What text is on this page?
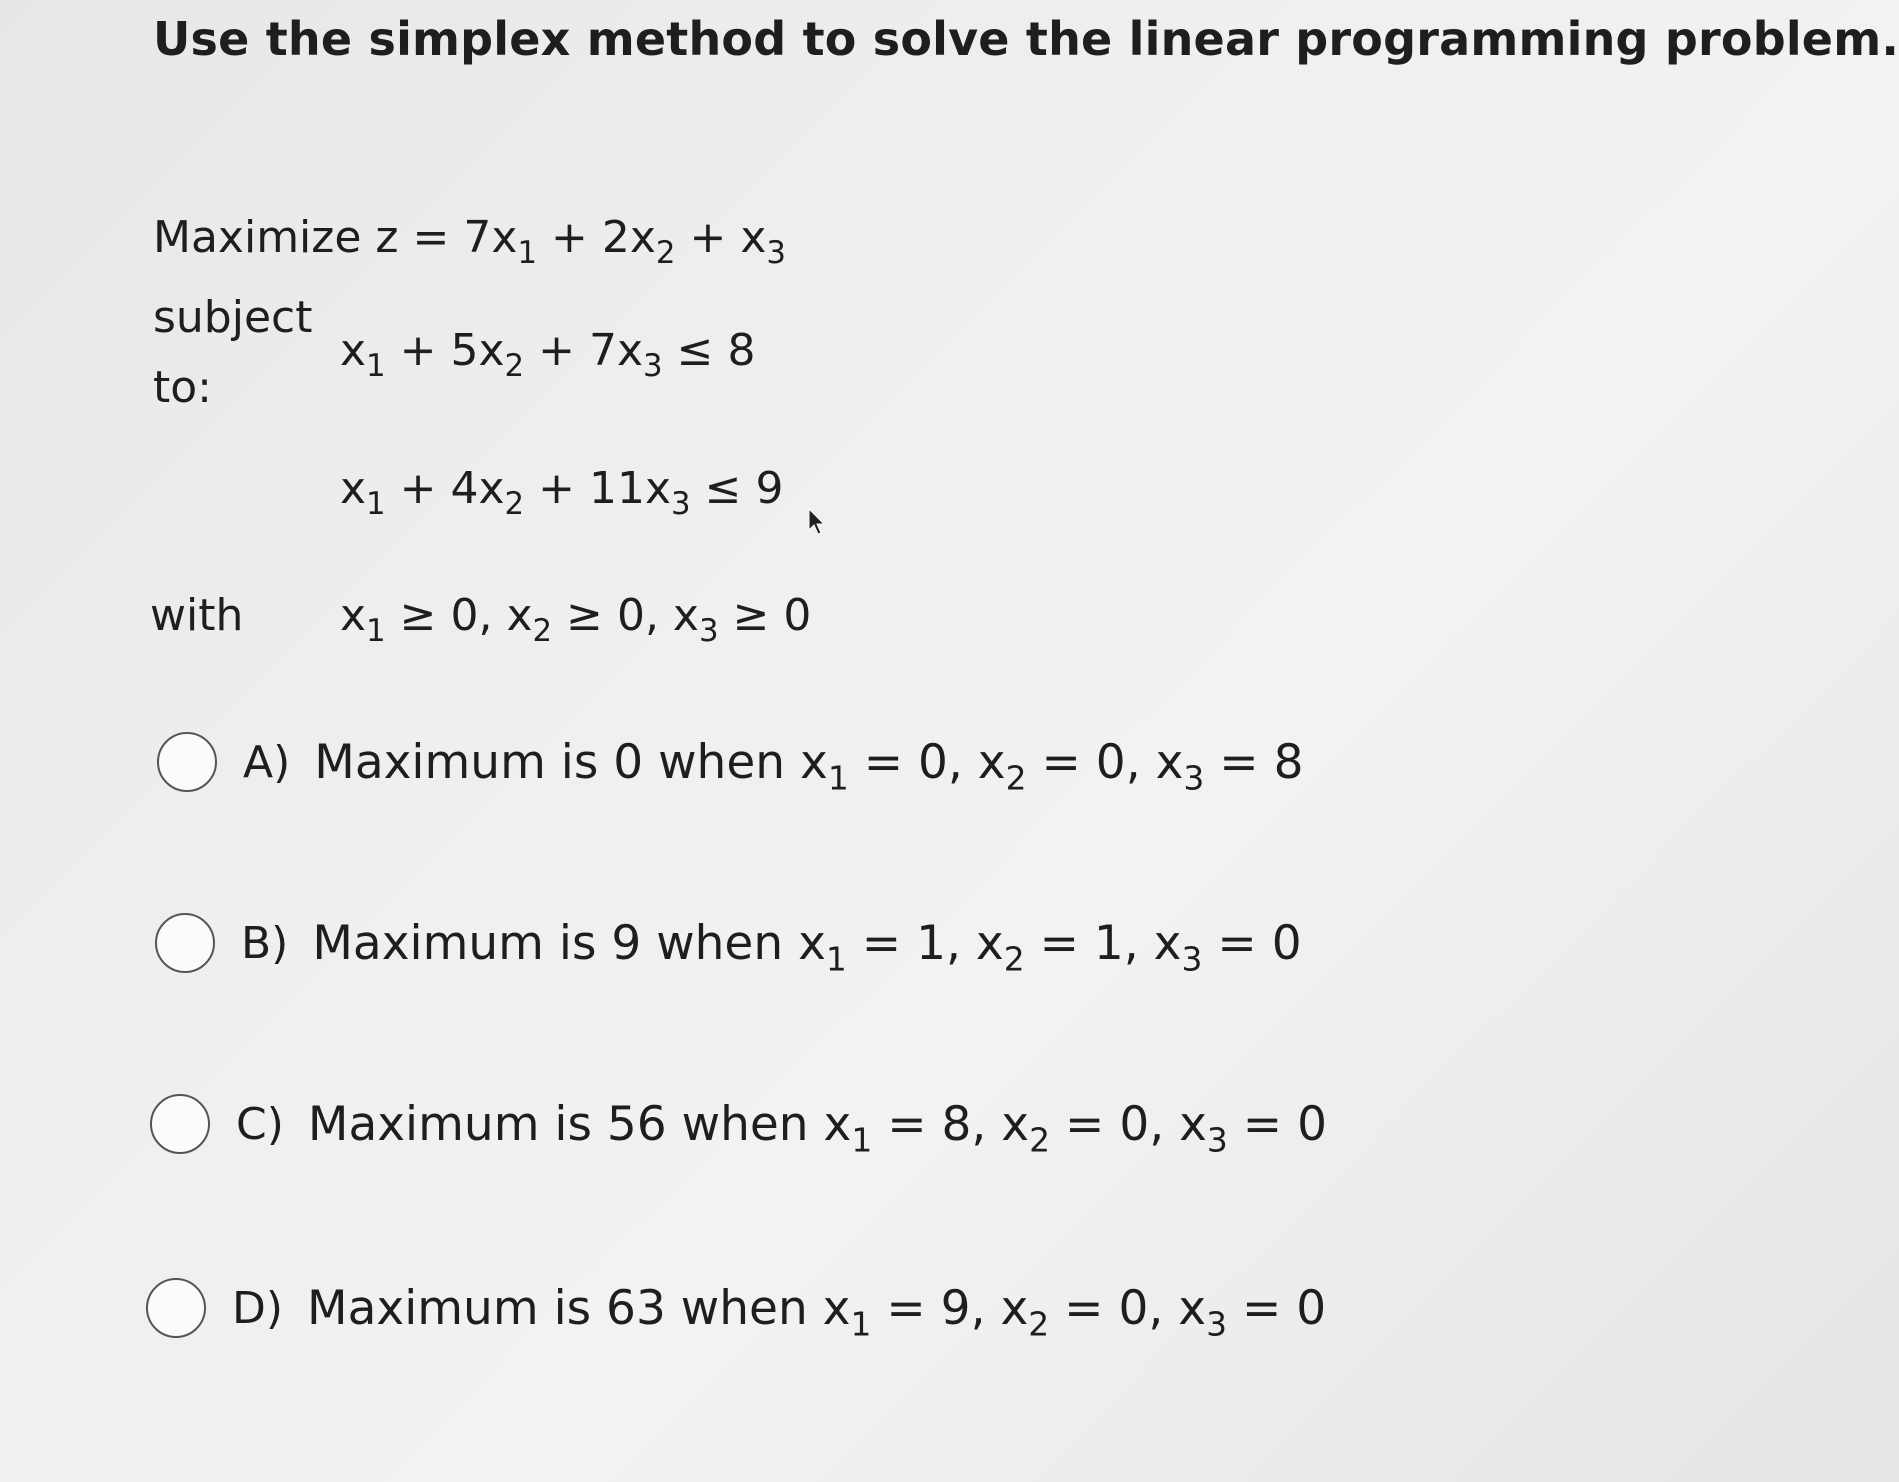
Use the simplex method to solve the linear programming problem.
Maximize $z = 7x_1 + 2x_2 + x_3$
subject
to:
$x_1 + 5x_2 + 7x_3 \le 8$
$x_1 + 4x_2 + 11x_3 \le 9$
with $x_1 \ge 0$, $x_2 \ge 0$, $x_3 \ge 0$
A) Maximum is 0 when $x_1 = 0$, $x_2 = 0$, $x_3 = 8$
B) Maximum is 9 when $x_1 = 1$, $x_2 = 1$, $x_3 = 0$
C) Maximum is 56 when $x_1 = 8$, $x_2 = 0$, $x_3 = 0$
D) Maximum is 63 when $x_1 = 9$, $x_2 = 0$, $x_3 = 0$
